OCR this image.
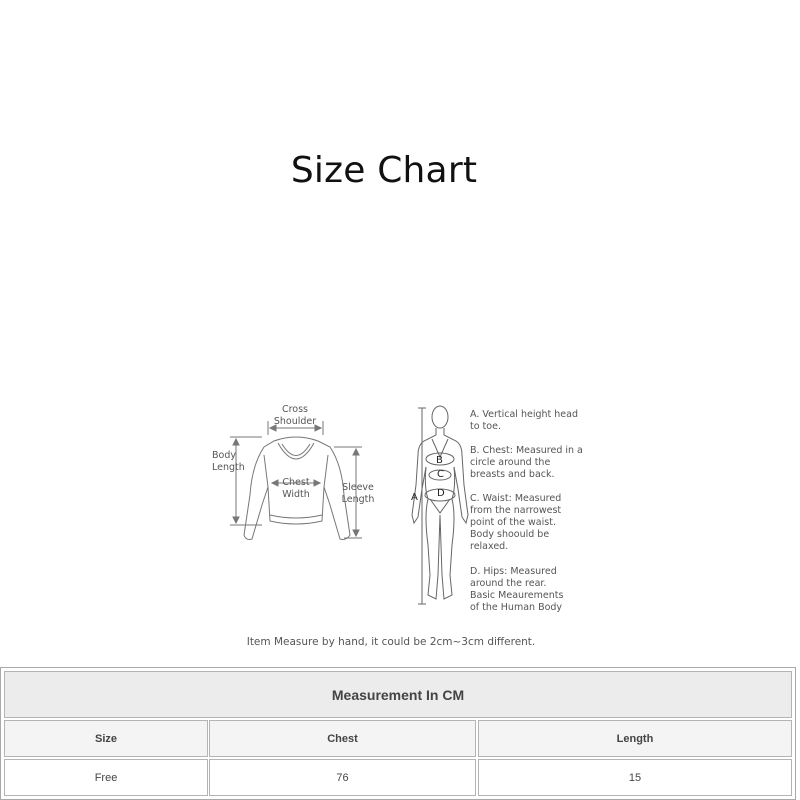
Size Chart
Cross
Shoulder
Body
Length
Chest
Width
Sleeve
Length	A
B
C
D
A. Vertical height head
to toe.
B. Chest: Measured in a
circle around the
breasts and back.
C. Waist: Measured
from the narrowest
point of the waist.
Body shoould be
relaxed.
D. Hips: Measured
around the rear.
Basic Meaurements
of the Human Body
Item Measure by hand, it could be 2cm~3cm different.
Measurement In CM
Size	Chest	Length
Free	76	15
